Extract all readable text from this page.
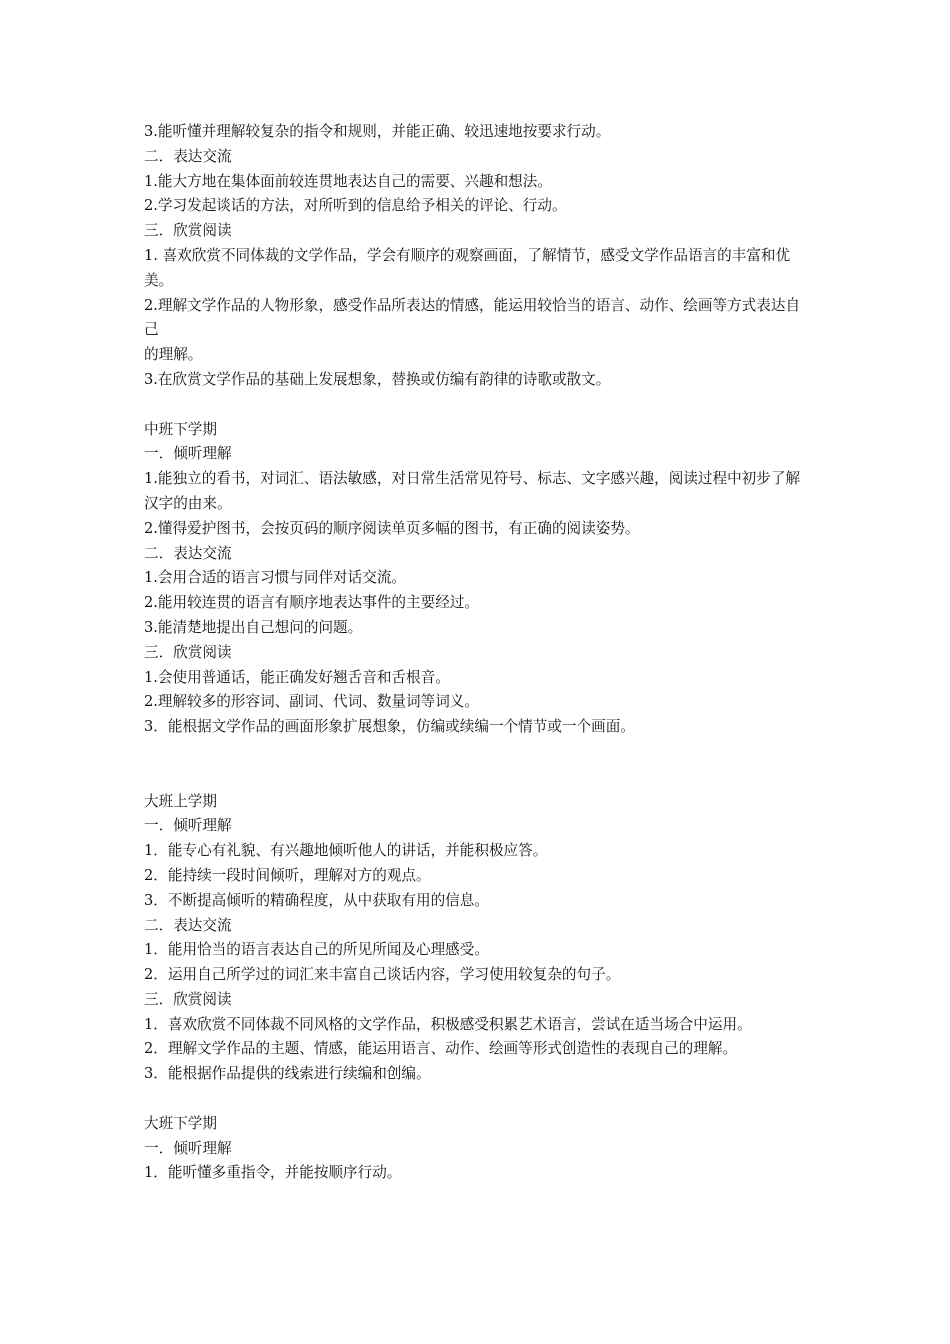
3.能听懂并理解较复杂的指令和规则，并能正确、较迅速地按要求行动。
二．表达交流
1.能大方地在集体面前较连贯地表达自己的需要、兴趣和想法。
2.学习发起谈话的方法，对所听到的信息给予相关的评论、行动。
三．欣赏阅读
1. 喜欢欣赏不同体裁的文学作品，学会有顺序的观察画面，了解情节，感受文学作品语言的丰富和优美。
2.理解文学作品的人物形象，感受作品所表达的情感，能运用较恰当的语言、动作、绘画等方式表达自己
的理解。
3.在欣赏文学作品的基础上发展想象，替换或仿编有韵律的诗歌或散文。
中班下学期
一．倾听理解
1.能独立的看书，对词汇、语法敏感，对日常生活常见符号、标志、文字感兴趣，阅读过程中初步了解汉字的由来。
2.懂得爱护图书，会按页码的顺序阅读单页多幅的图书，有正确的阅读姿势。
二．表达交流
1.会用合适的语言习惯与同伴对话交流。
2.能用较连贯的语言有顺序地表达事件的主要经过。
3.能清楚地提出自己想问的问题。
三．欣赏阅读
1.会使用普通话，能正确发好翘舌音和舌根音。
2.理解较多的形容词、副词、代词、数量词等词义。
3．能根据文学作品的画面形象扩展想象，仿编或续编一个情节或一个画面。
大班上学期
一．倾听理解
1．能专心有礼貌、有兴趣地倾听他人的讲话，并能积极应答。
2．能持续一段时间倾听，理解对方的观点。
3．不断提高倾听的精确程度，从中获取有用的信息。
二．表达交流
1．能用恰当的语言表达自己的所见所闻及心理感受。
2．运用自己所学过的词汇来丰富自己谈话内容，学习使用较复杂的句子。
三．欣赏阅读
1．喜欢欣赏不同体裁不同风格的文学作品，积极感受积累艺术语言，尝试在适当场合中运用。
2．理解文学作品的主题、情感，能运用语言、动作、绘画等形式创造性的表现自己的理解。
3．能根据作品提供的线索进行续编和创编。
大班下学期
一．倾听理解
1．能听懂多重指令，并能按顺序行动。
